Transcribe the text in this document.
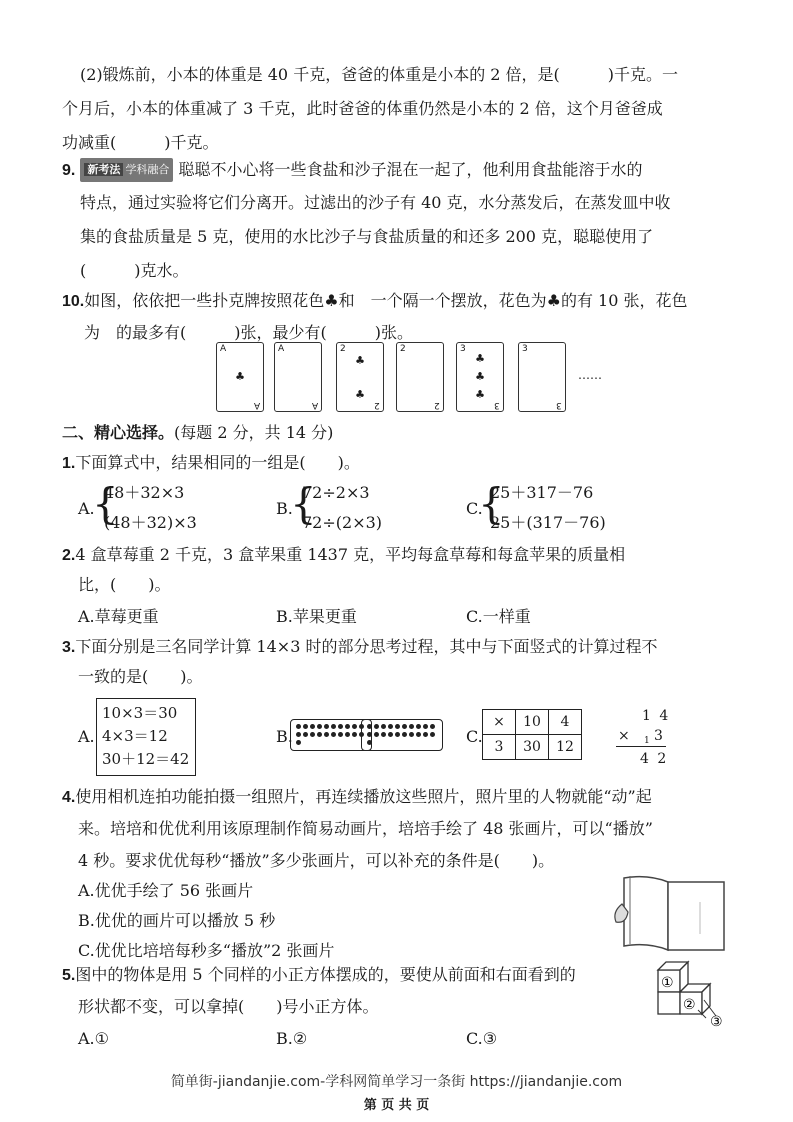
(2)锻炼前，小本的体重是 40 千克，爸爸的体重是小本的 2 倍，是(　　　)千克。一
个月后，小本的体重减了 3 千克，此时爸爸的体重仍然是小本的 2 倍，这个月爸爸成
功减重(　　　)千克。
9. 新考法 学科融合 聪聪不小心将一些食盐和沙子混在一起了，他利用食盐能溶于水的
特点，通过实验将它们分离开。过滤出的沙子有 40 克，水分蒸发后，在蒸发皿中收
集的食盐质量是 5 克，使用的水比沙子与食盐质量的和还多 200 克，聪聪使用了
(　　　)克水。
10.如图，依依把一些扑克牌按照花色♣和　一个隔一个摆放，花色为♣的有 10 张，花色
为　的最多有(　　　)张，最少有(　　　)张。
A
A
♣
A
A
2
2
♣
♣
2
2
3
3
♣
♣
♣
3
3
……
二、精心选择。(每题 2 分，共 14 分)
1.下面算式中，结果相同的一组是(　　)。
A.
{
48＋32×3
(48＋32)×3
B.
{
72÷2×3
72÷(2×3)
C.
{
25＋317－76
25＋(317－76)
2.4 盒草莓重 2 千克，3 盒苹果重 1437 克，平均每盒草莓和每盒苹果的质量相
比，(　　)。
A.草莓更重	B.苹果更重	C.一样重
3.下面分别是三名同学计算 14×3 时的部分思考过程，其中与下面竖式的计算过程不
一致的是(　　)。
A.
10×3＝30
4×3＝12
30＋12＝42
B.	C.
×	10	4
3	30	12
1 4
× 1 3
4 2
4.使用相机连拍功能拍摄一组照片，再连续播放这些照片，照片里的人物就能“动”起
来。培培和优优利用该原理制作简易动画片，培培手绘了 48 张画片，可以“播放”
4 秒。要求优优每秒“播放”多少张画片，可以补充的条件是(　　)。
A.优优手绘了 56 张画片
B.优优的画片可以播放 5 秒
C.优优比培培每秒多“播放”2 张画片
5.图中的物体是用 5 个同样的小正方体摆成的，要使从前面和右面看到的
形状都不变，可以拿掉(　　)号小正方体。
A.①	B.②	C.③
①
②
③
简单街-jiandanjie.com-学科网简单学习一条街 https://jiandanjie.com
第 页 共 页
